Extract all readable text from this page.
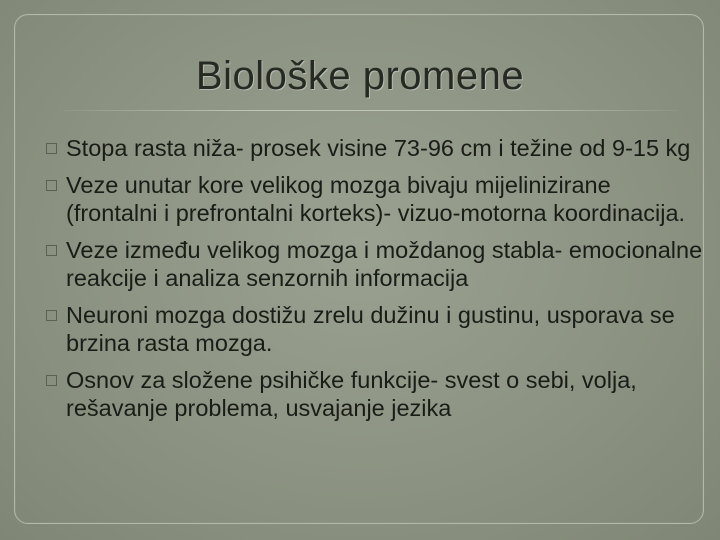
Biološke promene
Stopa rasta niža- prosek visine 73-96 cm i težine od 9-15 kg
Veze unutar kore velikog mozga bivaju mijelinizirane (frontalni i prefrontalni korteks)- vizuo-motorna koordinacija.
Veze između velikog mozga i moždanog stabla- emocionalne reakcije i analiza senzornih informacija
Neuroni mozga dostižu zrelu dužinu i gustinu, usporava se brzina rasta mozga.
Osnov za složene psihičke funkcije- svest o sebi, volja, rešavanje problema, usvajanje jezika
